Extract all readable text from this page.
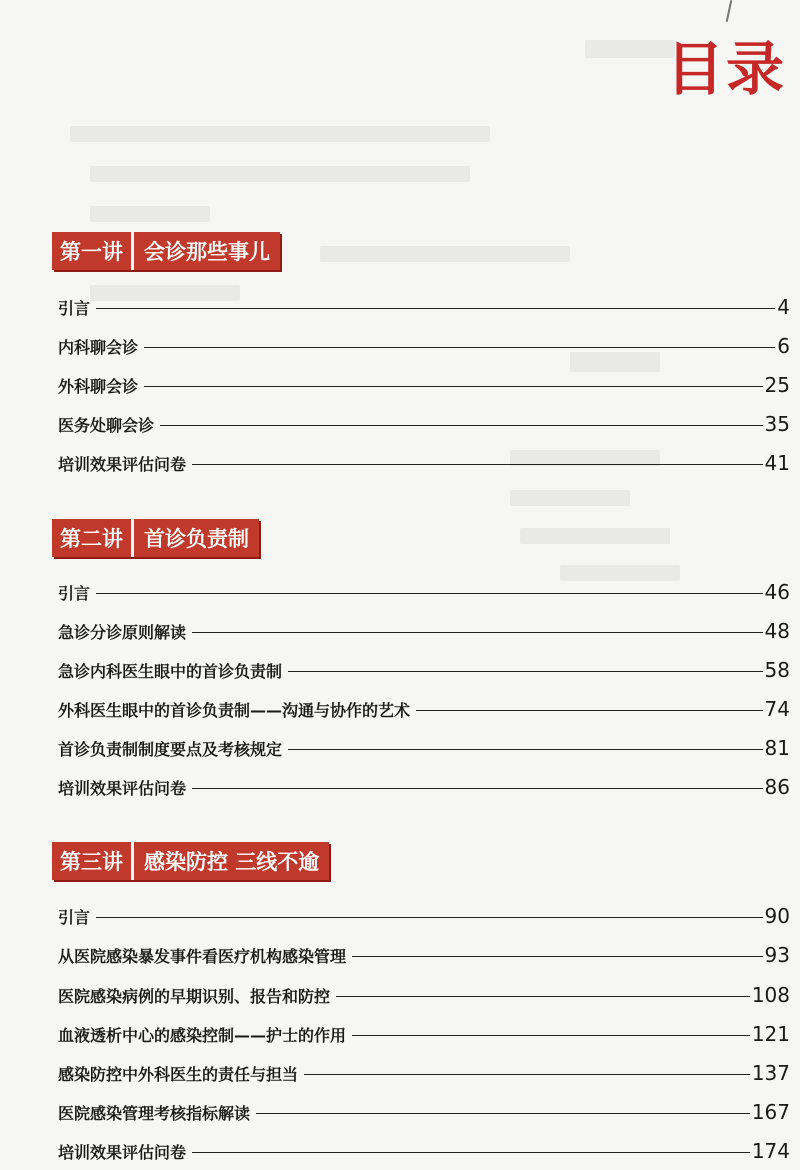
目录
第一讲	会诊那些事儿
引言	4
内科聊会诊	6
外科聊会诊	25
医务处聊会诊	35
培训效果评估问卷	41
第二讲	首诊负责制
引言	46
急诊分诊原则解读	48
急诊内科医生眼中的首诊负责制	58
外科医生眼中的首诊负责制——沟通与协作的艺术	74
首诊负责制制度要点及考核规定	81
培训效果评估问卷	86
第三讲	感染防控 三线不逾
引言	90
从医院感染暴发事件看医疗机构感染管理	93
医院感染病例的早期识别、报告和防控	108
血液透析中心的感染控制——护士的作用	121
感染防控中外科医生的责任与担当	137
医院感染管理考核指标解读	167
培训效果评估问卷	174
